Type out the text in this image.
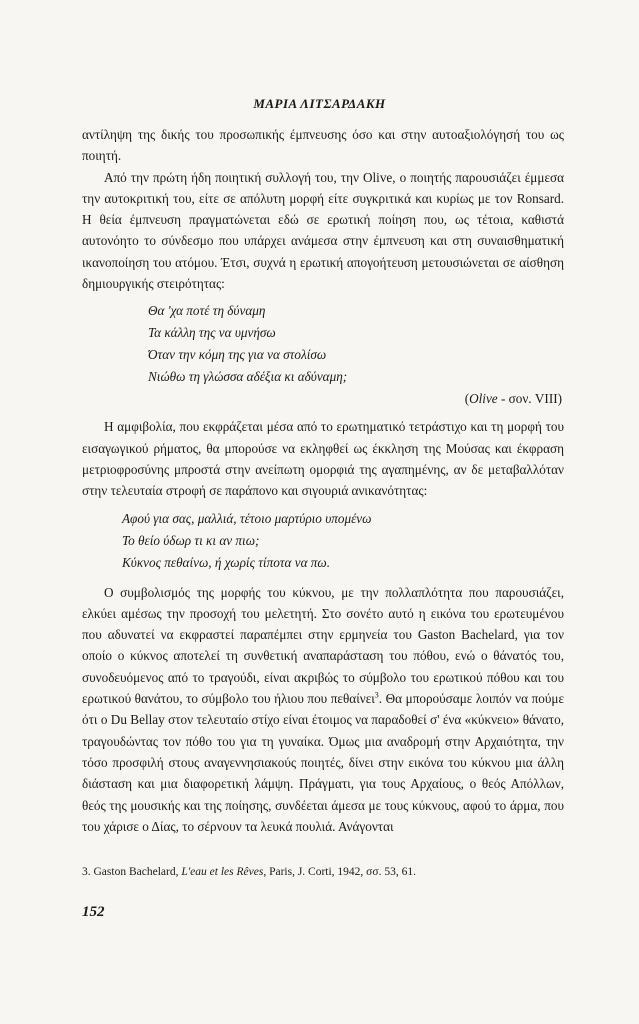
ΜΑΡΙΑ ΛΙΤΣΑΡΔΑΚΗ

αντίληψη της δικής του προσωπικής έμπνευσης όσο και στην αυτοαξιολόγησή του ως ποιητή.

Από την πρώτη ήδη ποιητική συλλογή του, την Olive, ο ποιητής παρουσιάζει έμμεσα την αυτοκριτική του, είτε σε απόλυτη μορφή είτε συγκριτικά και κυρίως με τον Ronsard. Η θεία έμπνευση πραγματώνεται εδώ σε ερωτική ποίηση που, ως τέτοια, καθιστά αυτονόητο το σύνδεσμο που υπάρχει ανάμεσα στην έμπνευση και στη συναισθηματική ικανοποίηση του ατόμου. Έτσι, συχνά η ερωτική απογοήτευση μετουσιώνεται σε αίσθηση δημιουργικής στειρότητας:

Θα 'χα ποτέ τη δύναμη
Τα κάλλη της να υμνήσω
Όταν την κόμη της για να στολίσω
Νιώθω τη γλώσσα αδέξια κι αδύναμη;
(Olive - σον. VIII)

Η αμφιβολία, που εκφράζεται μέσα από το ερωτηματικό τετράστιχο και τη μορφή του εισαγωγικού ρήματος, θα μπορούσε να εκληφθεί ως έκκληση της Μούσας και έκφραση μετριοφροσύνης μπροστά στην ανείπωτη ομορφιά της αγαπημένης, αν δε μεταβαλλόταν στην τελευταία στροφή σε παράπονο και σιγουριά ανικανότητας:

Αφού για σας, μαλλιά, τέτοιο μαρτύριο υπομένω
Το θείο ύδωρ τι κι αν πιω;
Κύκνος πεθαίνω, ή χωρίς τίποτα να πω.

Ο συμβολισμός της μορφής του κύκνου, με την πολλαπλότητα που παρουσιάζει, ελκύει αμέσως την προσοχή του μελετητή. Στο σονέτο αυτό η εικόνα του ερωτευμένου που αδυνατεί να εκφραστεί παραπέμπει στην ερμηνεία του Gaston Bachelard, για τον οποίο ο κύκνος αποτελεί τη συνθετική αναπαράσταση του πόθου, ενώ ο θάνατός του, συνοδευόμενος από το τραγούδι, είναι ακριβώς το σύμβολο του ερωτικού πόθου και του ερωτικού θανάτου, το σύμβολο του ήλιου που πεθαίνει$^3$. Θα μπορούσαμε λοιπόν να πούμε ότι ο Du Bellay στον τελευταίο στίχο είναι έτοιμος να παραδοθεί σ' ένα «κύκνειο» θάνατο, τραγουδώντας τον πόθο του για τη γυναίκα. Όμως μια αναδρομή στην Αρχαιότητα, την τόσο προσφιλή στους αναγεννησιακούς ποιητές, δίνει στην εικόνα του κύκνου μια άλλη διάσταση και μια διαφορετική λάμψη. Πράγματι, για τους Αρχαίους, ο θεός Απόλλων, θεός της μουσικής και της ποίησης, συνδέεται άμεσα με τους κύκνους, αφού το άρμα, που του χάρισε ο Δίας, το σέρνουν τα λευκά πουλιά. Ανάγονται

3. Gaston Bachelard, L'eau et les Rêves, Paris, J. Corti, 1942, σσ. 53, 61.
152
